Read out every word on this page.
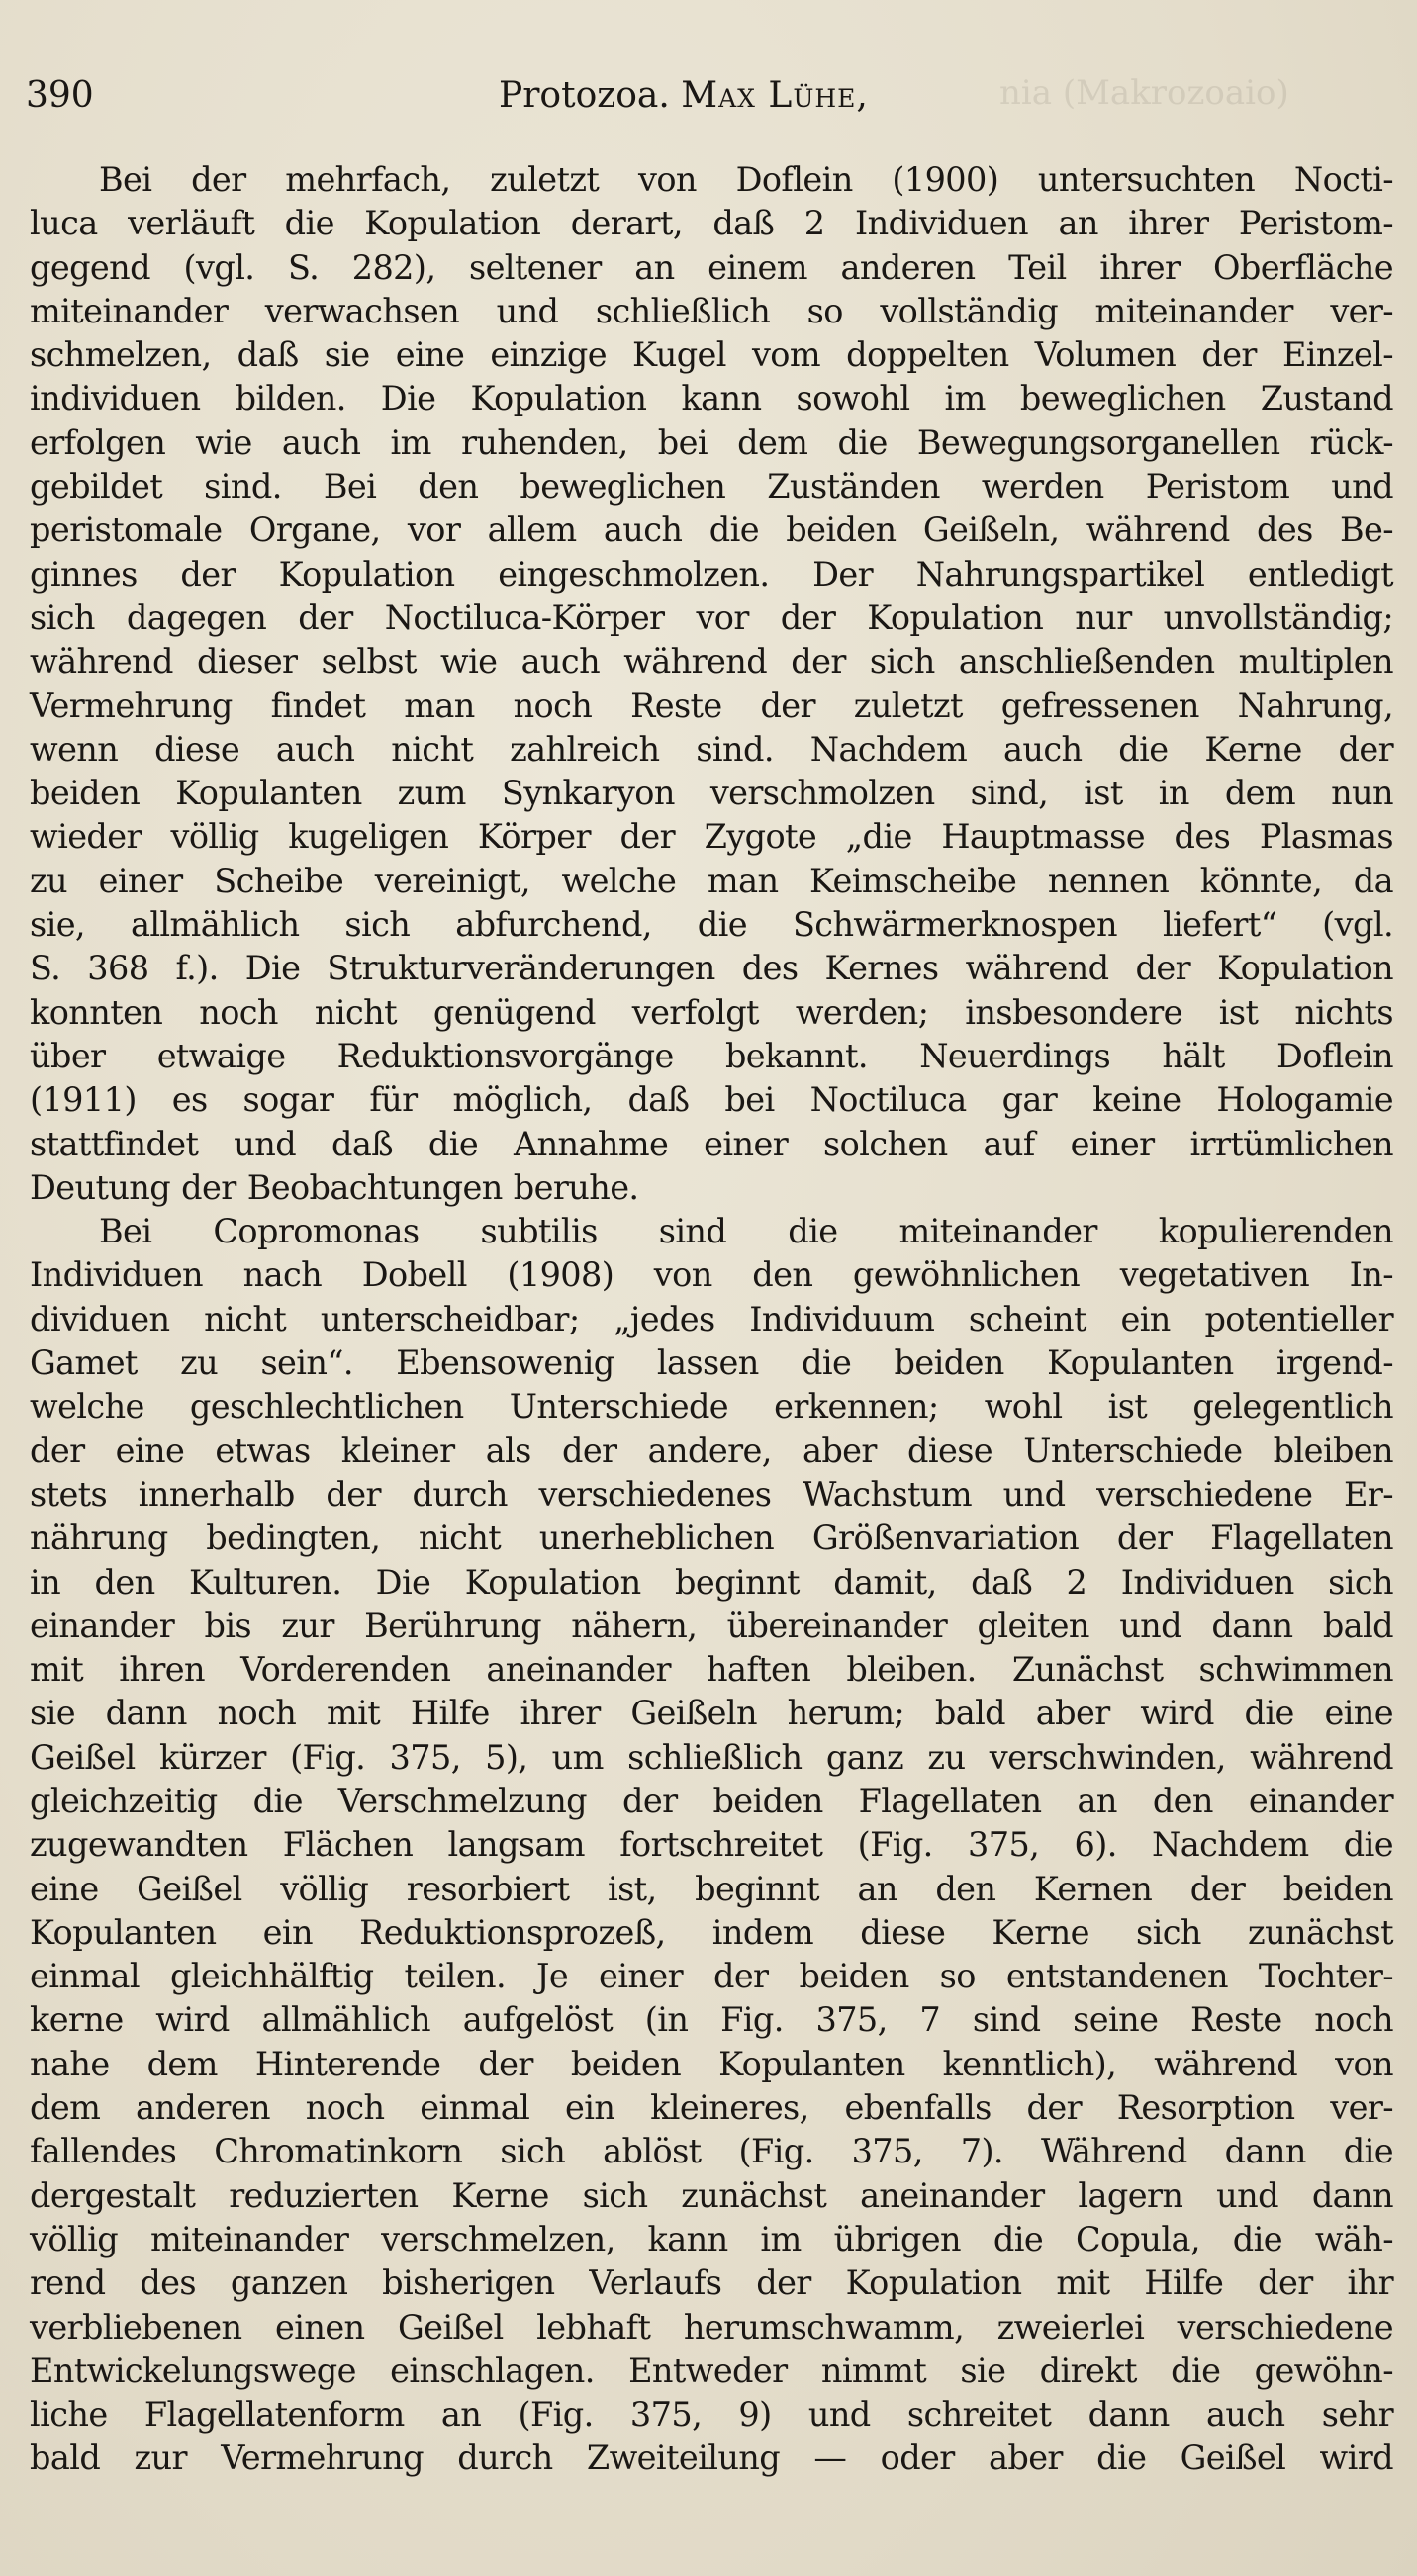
nia (Makrozoaio)
390	Protozoa. Max Lühe,
Bei der mehrfach, zuletzt von Doflein (1900) untersuchten Nocti-
luca verläuft die Kopulation derart, daß 2 Individuen an ihrer Peristom-
gegend (vgl. S. 282), seltener an einem anderen Teil ihrer Oberfläche
miteinander verwachsen und schließlich so vollständig miteinander ver-
schmelzen, daß sie eine einzige Kugel vom doppelten Volumen der Einzel-
individuen bilden. Die Kopulation kann sowohl im beweglichen Zustand
erfolgen wie auch im ruhenden, bei dem die Bewegungsorganellen rück-
gebildet sind. Bei den beweglichen Zuständen werden Peristom und
peristomale Organe, vor allem auch die beiden Geißeln, während des Be-
ginnes der Kopulation eingeschmolzen. Der Nahrungspartikel entledigt
sich dagegen der Noctiluca-Körper vor der Kopulation nur unvollständig;
während dieser selbst wie auch während der sich anschließenden multiplen
Vermehrung findet man noch Reste der zuletzt gefressenen Nahrung,
wenn diese auch nicht zahlreich sind. Nachdem auch die Kerne der
beiden Kopulanten zum Synkaryon verschmolzen sind, ist in dem nun
wieder völlig kugeligen Körper der Zygote „die Hauptmasse des Plasmas
zu einer Scheibe vereinigt, welche man Keimscheibe nennen könnte, da
sie, allmählich sich abfurchend, die Schwärmerknospen liefert“ (vgl.
S. 368 f.). Die Strukturveränderungen des Kernes während der Kopulation
konnten noch nicht genügend verfolgt werden; insbesondere ist nichts
über etwaige Reduktionsvorgänge bekannt. Neuerdings hält Doflein
(1911) es sogar für möglich, daß bei Noctiluca gar keine Hologamie
stattfindet und daß die Annahme einer solchen auf einer irrtümlichen
Deutung der Beobachtungen beruhe.
Bei Copromonas subtilis sind die miteinander kopulierenden
Individuen nach Dobell (1908) von den gewöhnlichen vegetativen In-
dividuen nicht unterscheidbar; „jedes Individuum scheint ein potentieller
Gamet zu sein“. Ebensowenig lassen die beiden Kopulanten irgend-
welche geschlechtlichen Unterschiede erkennen; wohl ist gelegentlich
der eine etwas kleiner als der andere, aber diese Unterschiede bleiben
stets innerhalb der durch verschiedenes Wachstum und verschiedene Er-
nährung bedingten, nicht unerheblichen Größenvariation der Flagellaten
in den Kulturen. Die Kopulation beginnt damit, daß 2 Individuen sich
einander bis zur Berührung nähern, übereinander gleiten und dann bald
mit ihren Vorderenden aneinander haften bleiben. Zunächst schwimmen
sie dann noch mit Hilfe ihrer Geißeln herum; bald aber wird die eine
Geißel kürzer (Fig. 375, 5), um schließlich ganz zu verschwinden, während
gleichzeitig die Verschmelzung der beiden Flagellaten an den einander
zugewandten Flächen langsam fortschreitet (Fig. 375, 6). Nachdem die
eine Geißel völlig resorbiert ist, beginnt an den Kernen der beiden
Kopulanten ein Reduktionsprozeß, indem diese Kerne sich zunächst
einmal gleichhälftig teilen. Je einer der beiden so entstandenen Tochter-
kerne wird allmählich aufgelöst (in Fig. 375, 7 sind seine Reste noch
nahe dem Hinterende der beiden Kopulanten kenntlich), während von
dem anderen noch einmal ein kleineres, ebenfalls der Resorption ver-
fallendes Chromatinkorn sich ablöst (Fig. 375, 7). Während dann die
dergestalt reduzierten Kerne sich zunächst aneinander lagern und dann
völlig miteinander verschmelzen, kann im übrigen die Copula, die wäh-
rend des ganzen bisherigen Verlaufs der Kopulation mit Hilfe der ihr
verbliebenen einen Geißel lebhaft herumschwamm, zweierlei verschiedene
Entwickelungswege einschlagen. Entweder nimmt sie direkt die gewöhn-
liche Flagellatenform an (Fig. 375, 9) und schreitet dann auch sehr
bald zur Vermehrung durch Zweiteilung — oder aber die Geißel wird
